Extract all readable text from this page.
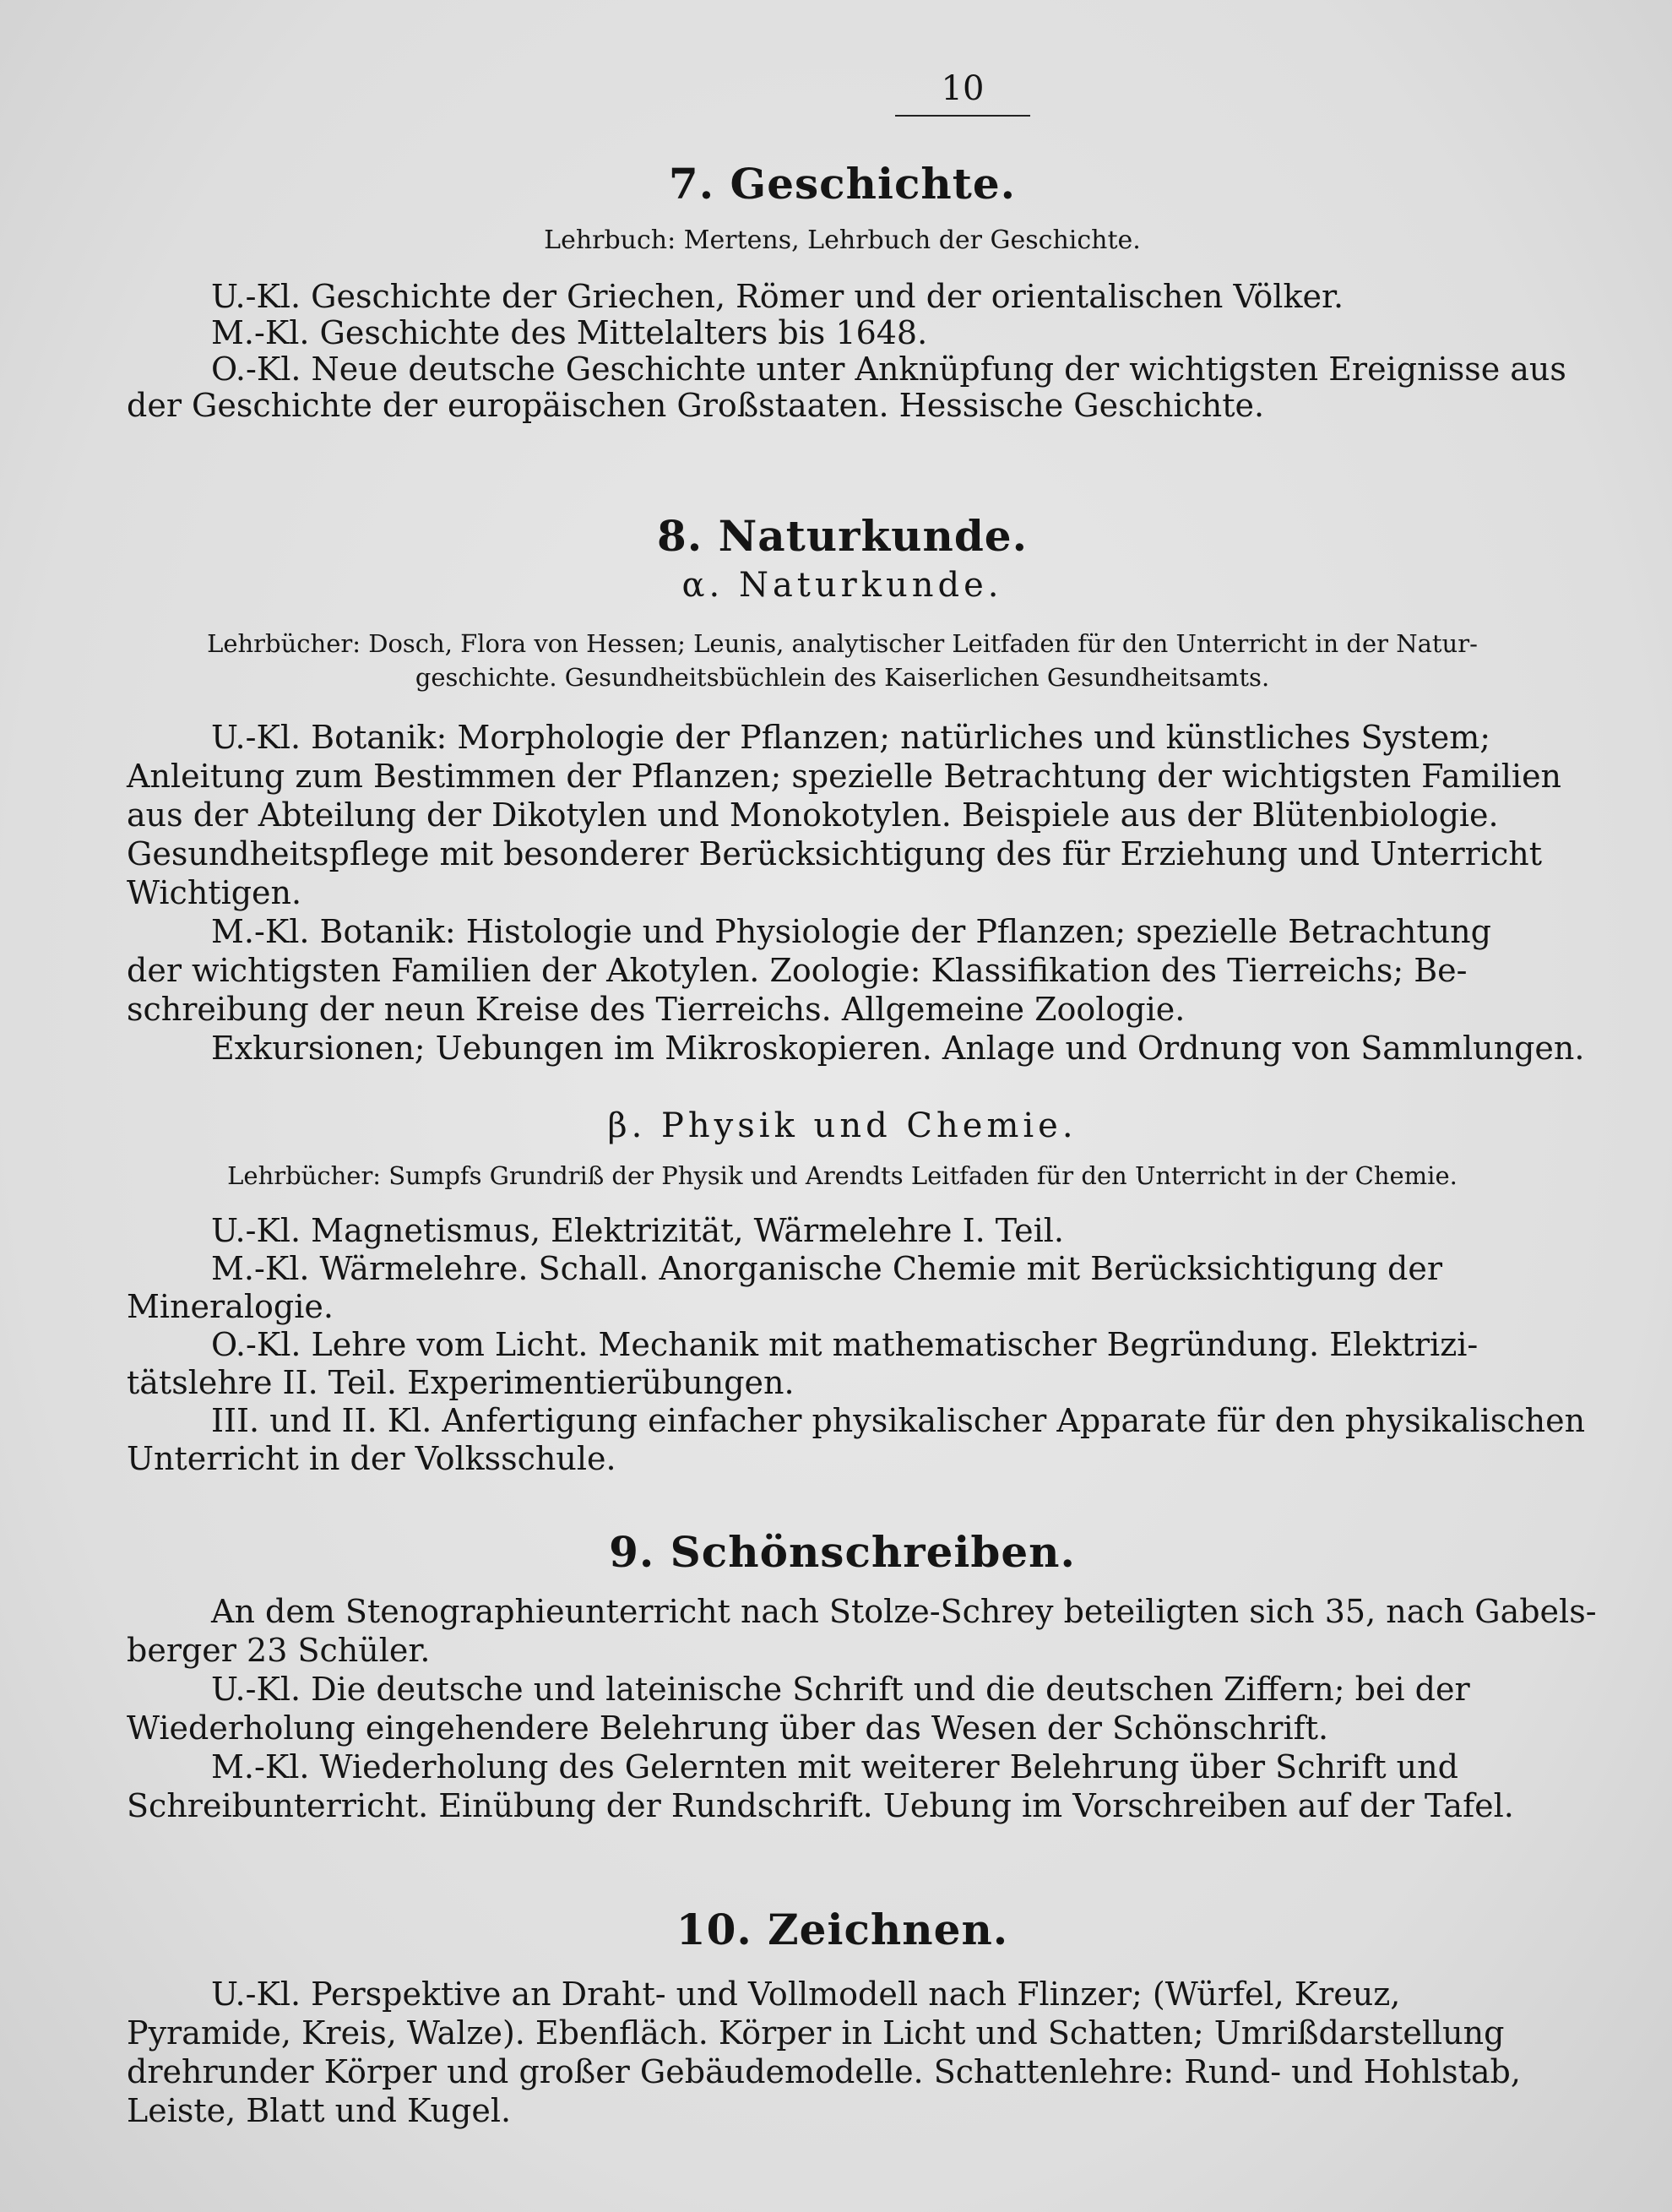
10
7. Geschichte.
Lehrbuch: Mertens, Lehrbuch der Geschichte.
U.-Kl. Geschichte der Griechen, Römer und der orientalischen Völker.
M.-Kl. Geschichte des Mittelalters bis 1648.
O.-Kl. Neue deutsche Geschichte unter Anknüpfung der wichtigsten Ereignisse aus
der Geschichte der europäischen Großstaaten. Hessische Geschichte.
8. Naturkunde.
α. Naturkunde.
Lehrbücher: Dosch, Flora von Hessen; Leunis, analytischer Leitfaden für den Unterricht in der Natur-
geschichte. Gesundheitsbüchlein des Kaiserlichen Gesundheitsamts.
U.-Kl. Botanik: Morphologie der Pflanzen; natürliches und künstliches System;
Anleitung zum Bestimmen der Pflanzen; spezielle Betrachtung der wichtigsten Familien
aus der Abteilung der Dikotylen und Monokotylen. Beispiele aus der Blütenbiologie.
Gesundheitspflege mit besonderer Berücksichtigung des für Erziehung und Unterricht
Wichtigen.
M.-Kl. Botanik: Histologie und Physiologie der Pflanzen; spezielle Betrachtung
der wichtigsten Familien der Akotylen. Zoologie: Klassifikation des Tierreichs; Be-
schreibung der neun Kreise des Tierreichs. Allgemeine Zoologie.
Exkursionen; Uebungen im Mikroskopieren. Anlage und Ordnung von Sammlungen.
β. Physik und Chemie.
Lehrbücher: Sumpfs Grundriß der Physik und Arendts Leitfaden für den Unterricht in der Chemie.
U.-Kl. Magnetismus, Elektrizität, Wärmelehre I. Teil.
M.-Kl. Wärmelehre. Schall. Anorganische Chemie mit Berücksichtigung der
Mineralogie.
O.-Kl. Lehre vom Licht. Mechanik mit mathematischer Begründung. Elektrizi-
tätslehre II. Teil. Experimentierübungen.
III. und II. Kl. Anfertigung einfacher physikalischer Apparate für den physikalischen
Unterricht in der Volksschule.
9. Schönschreiben.
An dem Stenographieunterricht nach Stolze-Schrey beteiligten sich 35, nach Gabels-
berger 23 Schüler.
U.-Kl. Die deutsche und lateinische Schrift und die deutschen Ziffern; bei der
Wiederholung eingehendere Belehrung über das Wesen der Schönschrift.
M.-Kl. Wiederholung des Gelernten mit weiterer Belehrung über Schrift und
Schreibunterricht. Einübung der Rundschrift. Uebung im Vorschreiben auf der Tafel.
10. Zeichnen.
U.-Kl. Perspektive an Draht- und Vollmodell nach Flinzer; (Würfel, Kreuz,
Pyramide, Kreis, Walze). Ebenfläch. Körper in Licht und Schatten; Umrißdarstellung
drehrunder Körper und großer Gebäudemodelle. Schattenlehre: Rund- und Hohlstab,
Leiste, Blatt und Kugel.
